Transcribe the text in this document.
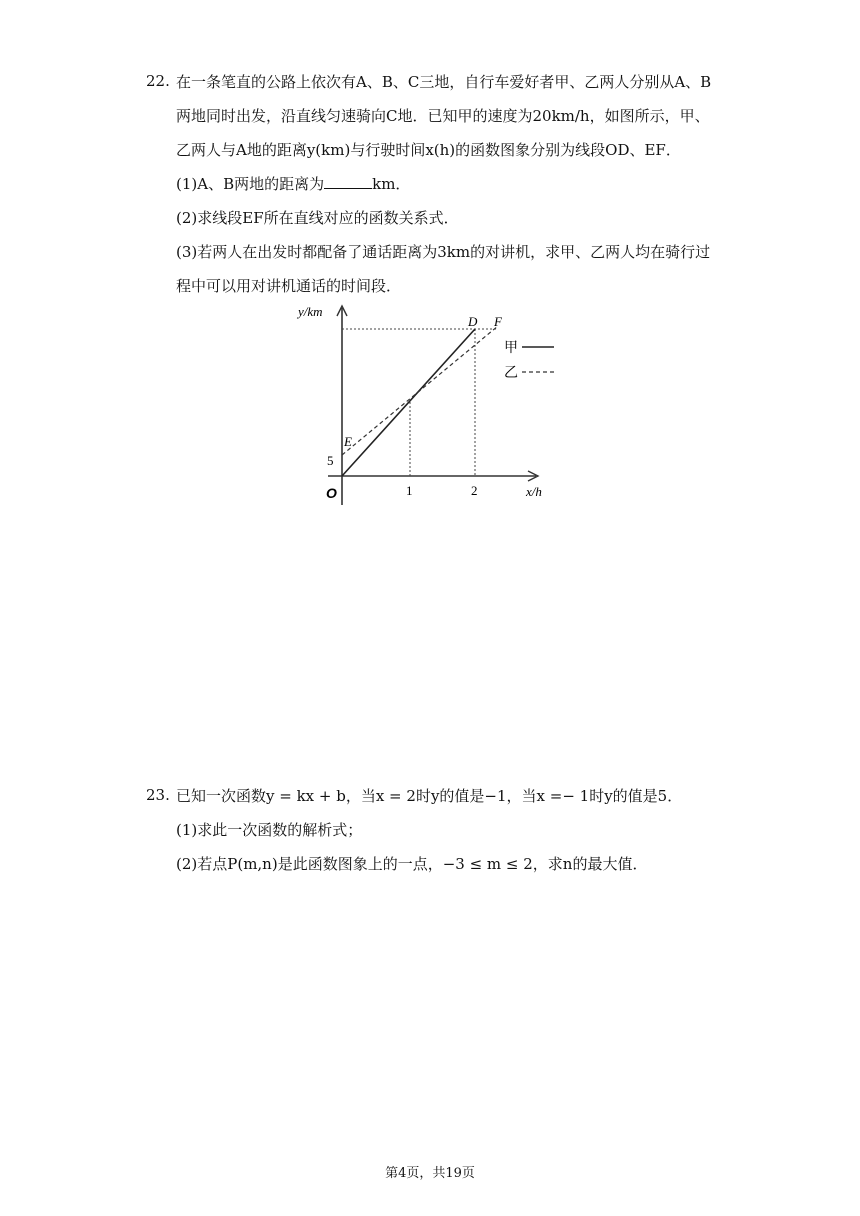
22. 在一条笔直的公路上依次有A、B、C三地，自行车爱好者甲、乙两人分别从A、B
两地同时出发，沿直线匀速骑向C地．已知甲的速度为20km/h，如图所示，甲、
乙两人与A地的距离y(km)与行驶时间x(h)的函数图象分别为线段OD、EF．
(1)A、B两地的距离为	km．
(2)求线段EF所在直线对应的函数关系式．
(3)若两人在出发时都配备了通话距离为3km的对讲机，求甲、乙两人均在骑行过
程中可以用对讲机通话的时间段．
y/km
x/h
O
5
1	2
D F
E
甲
乙
23. 已知一次函数y = kx + b，当x = 2时y的值是−1，当x =− 1时y的值是5．
(1)求此一次函数的解析式；
(2)若点P(m,n)是此函数图象上的一点，−3 ≤ m ≤ 2，求n的最大值．
第4页，共19页
